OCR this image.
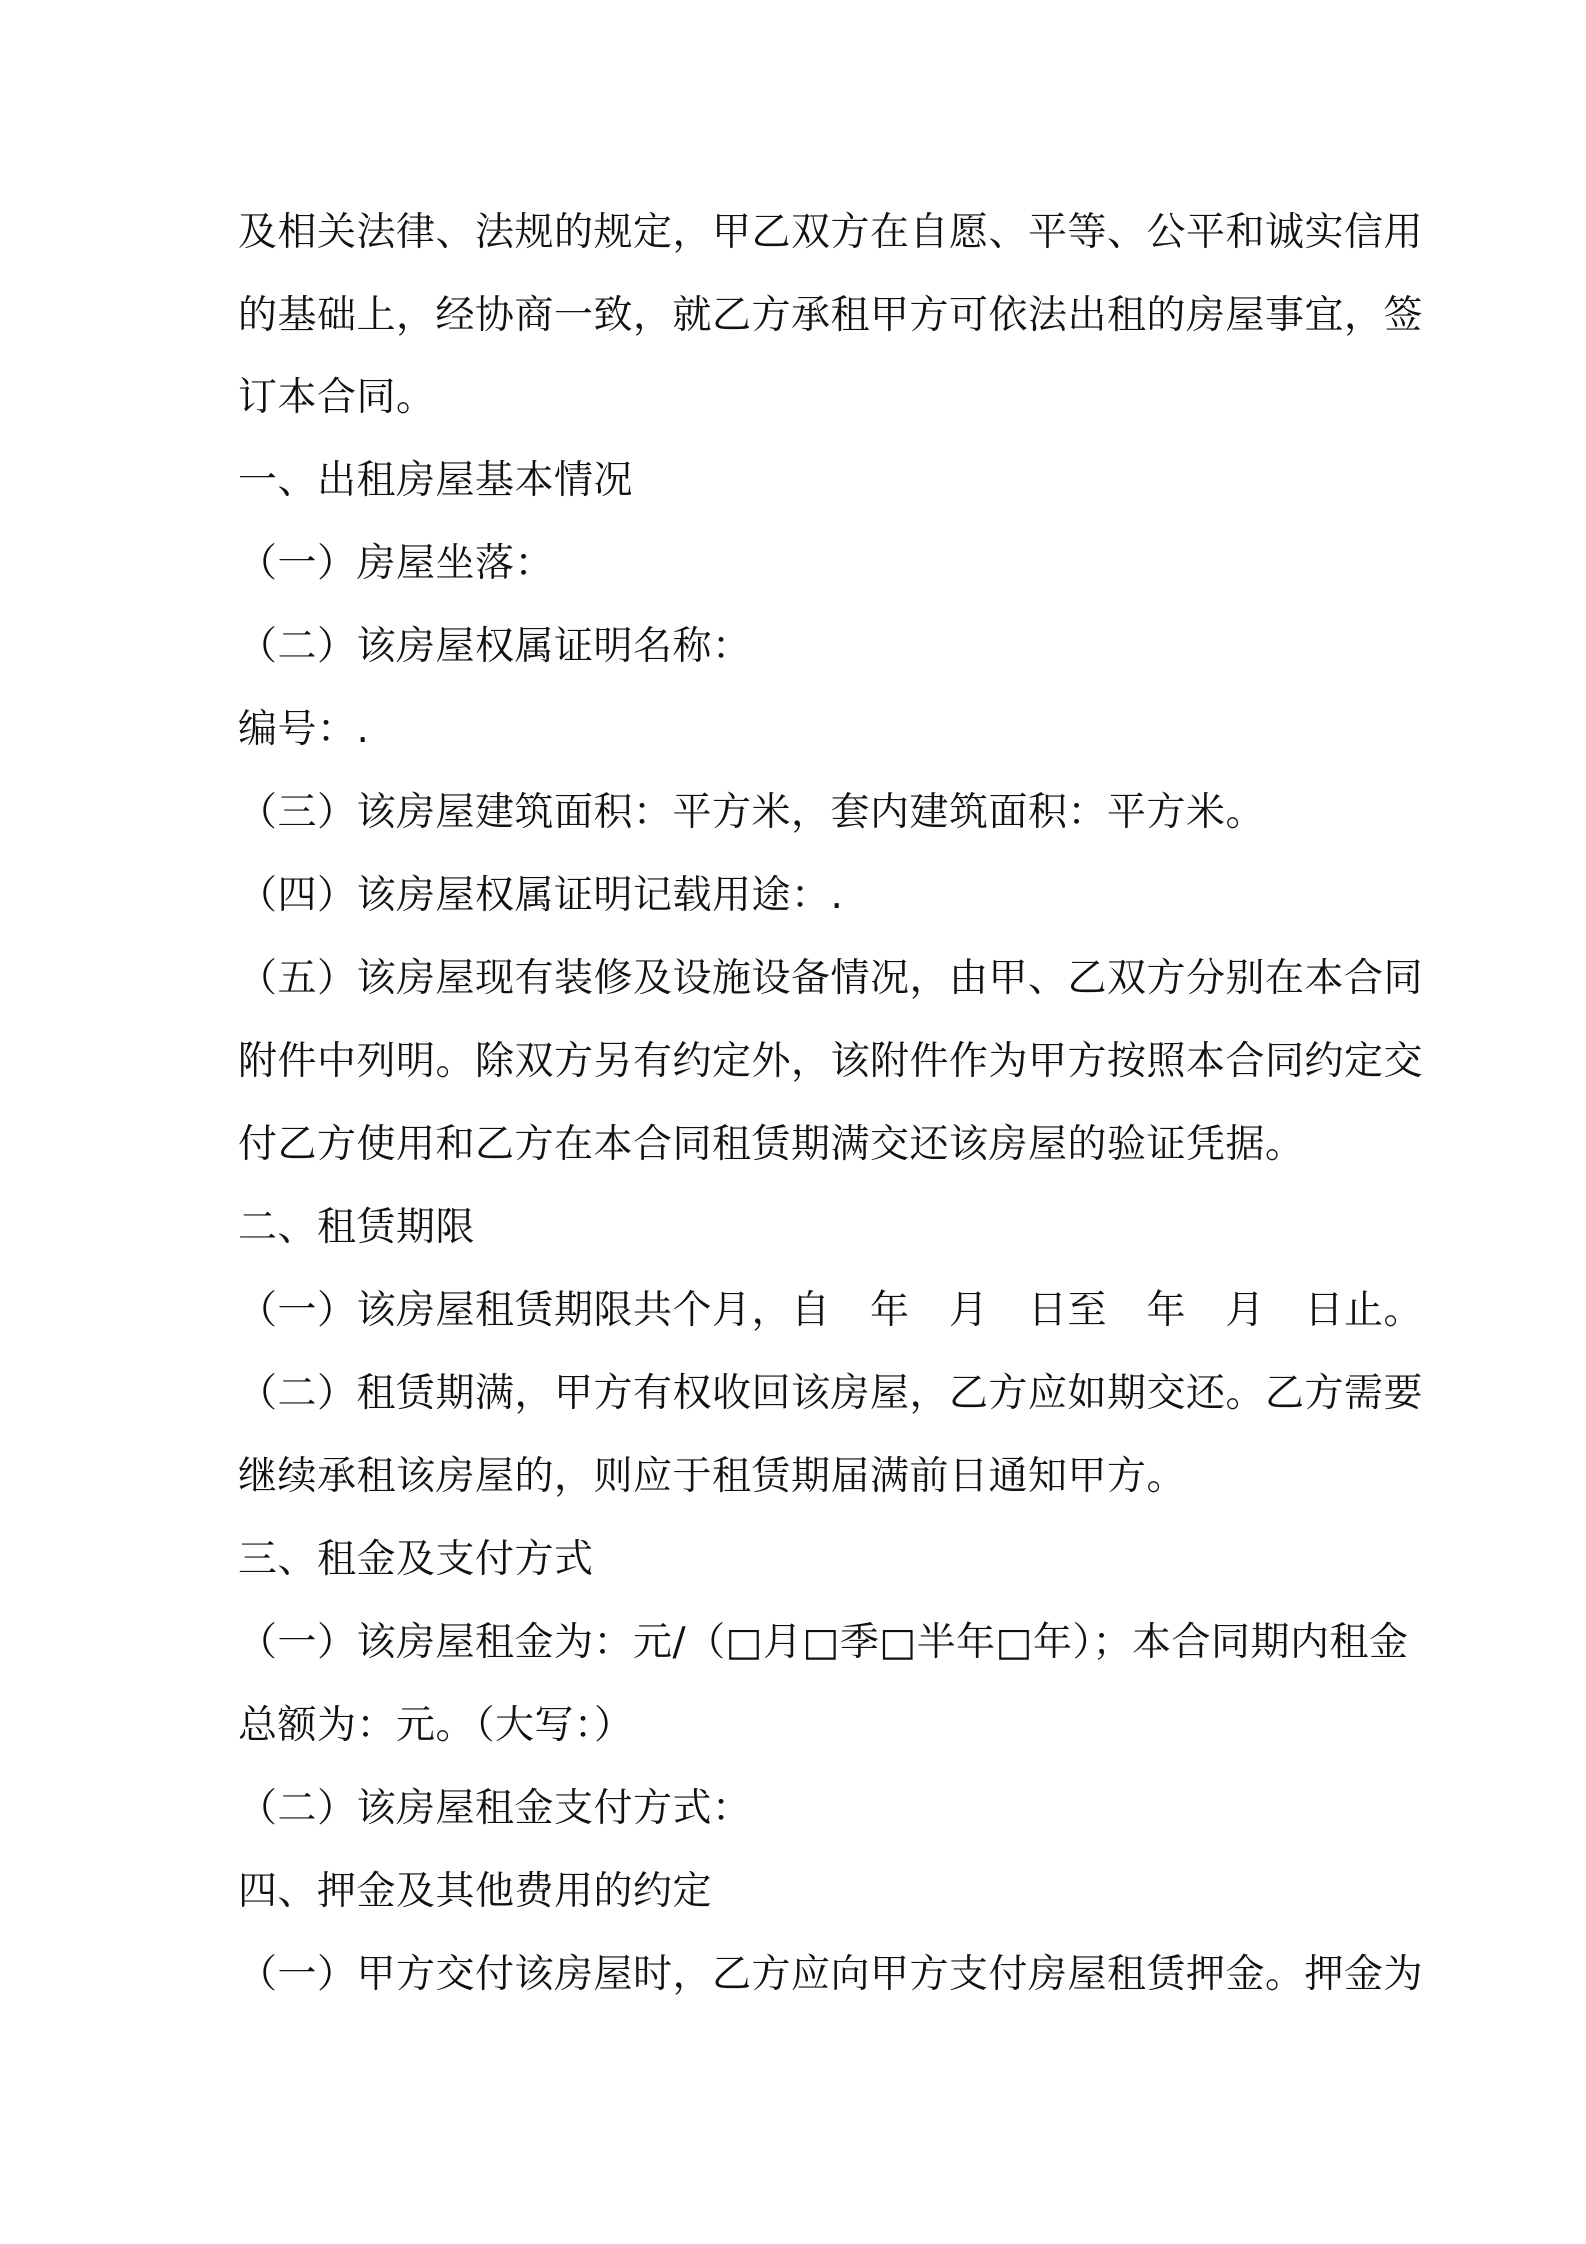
及相关法律、法规的规定，甲乙双方在自愿、平等、公平和诚实信用
的基础上，经协商一致，就乙方承租甲方可依法出租的房屋事宜，签
订本合同。
一、出租房屋基本情况
（一）房屋坐落：
（二）该房屋权属证明名称：
编号：.
（三）该房屋建筑面积：平方米，套内建筑面积：平方米。
（四）该房屋权属证明记载用途：.
（五）该房屋现有装修及设施设备情况，由甲、乙双方分别在本合同
附件中列明。除双方另有约定外，该附件作为甲方按照本合同约定交
付乙方使用和乙方在本合同租赁期满交还该房屋的验证凭据。
二、租赁期限
（一）该房屋租赁期限共个月，自　年　月　日至　年　月　日止。
（二）租赁期满，甲方有权收回该房屋，乙方应如期交还。乙方需要
继续承租该房屋的，则应于租赁期届满前日通知甲方。
三、租金及支付方式
（一）该房屋租金为：元/（□月□季□半年□年）；本合同期内租金
总额为：元。（大写：）
（二）该房屋租金支付方式：
四、押金及其他费用的约定
（一）甲方交付该房屋时，乙方应向甲方支付房屋租赁押金。押金为
